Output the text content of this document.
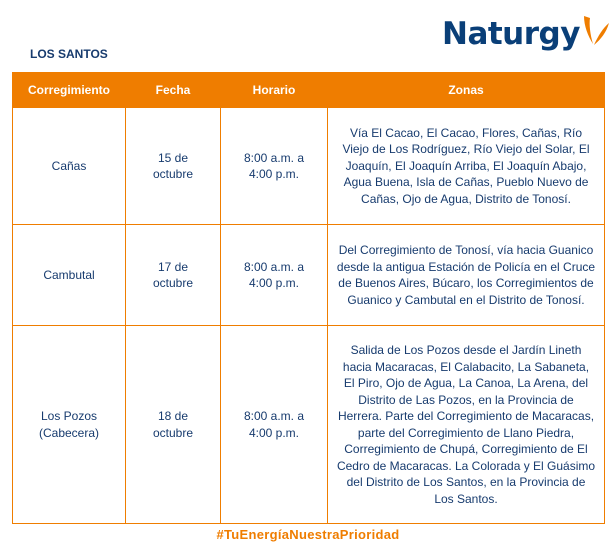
LOS SANTOS
Naturgy
Corregimiento	Fecha	Horario	Zonas
Cañas	15 de octubre	8:00 a.m. a 4:00 p.m.	Vía El Cacao, El Cacao, Flores, Cañas, Río Viejo de Los Rodríguez, Río Viejo del Solar, El Joaquín, El Joaquín Arriba, El Joaquín Abajo, Agua Buena, Isla de Cañas, Pueblo Nuevo de Cañas, Ojo de Agua, Distrito de Tonosí.
Cambutal	17 de octubre	8:00 a.m. a 4:00 p.m.	Del Corregimiento de Tonosí, vía hacia Guanico desde la antigua Estación de Policía en el Cruce de Buenos Aires, Búcaro, los Corregimientos de Guanico y Cambutal en el Distrito de Tonosí.
Los Pozos (Cabecera)	18 de octubre	8:00 a.m. a 4:00 p.m.	Salida de Los Pozos desde el Jardín Lineth hacia Macaracas, El Calabacito, La Sabaneta, El Piro, Ojo de Agua, La Canoa, La Arena, del Distrito de Las Pozos, en la Provincia de Herrera. Parte del Corregimiento de Macaracas, parte del Corregimiento de Llano Piedra, Corregimiento de Chupá, Corregimiento de El Cedro de Macaracas. La Colorada y El Guásimo del Distrito de Los Santos, en la Provincia de Los Santos.
#TuEnergíaNuestraPrioridad
